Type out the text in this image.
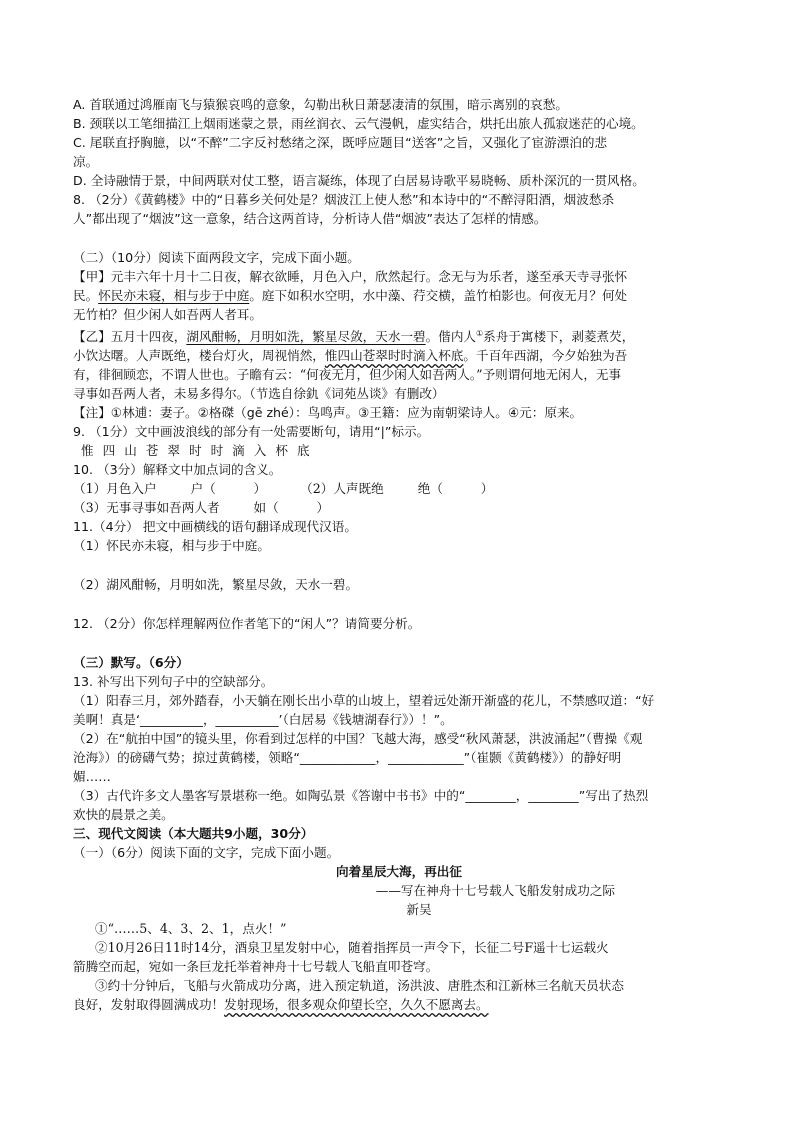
A. 首联通过鸿雁南飞与猿猴哀鸣的意象，勾勒出秋日萧瑟凄清的氛围，暗示离别的哀愁。
B. 颈联以工笔细描江上烟雨迷蒙之景，雨丝润衣、云气漫帆，虚实结合，烘托出旅人孤寂迷茫的心境。
C. 尾联直抒胸臆，以“不醉”二字反衬愁绪之深，既呼应题目“送客”之旨，又强化了宦游漂泊的悲
凉。
D. 全诗融情于景，中间两联对仗工整，语言凝练，体现了白居易诗歌平易晓畅、质朴深沉的一贯风格。
8. （2分）《黄鹤楼》中的“日暮乡关何处是？烟波江上使人愁”和本诗中的“不醉浔阳酒，烟波愁杀
人”都出现了“烟波”这一意象，结合这两首诗，分析诗人借“烟波”表达了怎样的情感。
（二）（10分）阅读下面两段文字，完成下面小题。
【甲】元丰六年十月十二日夜，解衣欲睡，月色入户，欣然起行。念无与为乐者，遂至承天寺寻张怀
民。怀民亦未寝，相与步于中庭。庭下如积水空明，水中藻、荇交横，盖竹柏影也。何夜无月？何处
无竹柏？但少闲人如吾两人者耳。
【乙】五月十四夜，湖风酣畅，月明如洗，繁星尽敛，天水一碧。偕内人①系舟于寓楼下，剥菱煮芡，
小饮达曙。人声既绝，楼台灯火，周视悄然，惟四山苍翠时时滴入杯底。千百年西湖，今夕始独为吾
有，徘徊顾恋，不谓人世也。子瞻有云：“何夜无月，但少闲人如吾两人。”予则谓何地无闲人，无事
寻事如吾两人者，未易多得尔。（节选自徐釚《词苑丛谈》有删改）
【注】①林逋：妻子。②格磔（gē zhé）：鸟鸣声。③王籍：应为南朝梁诗人。④元：原来。
9. （1分）文中画波浪线的部分有一处需要断句，请用“|”标示。
惟四山苍翠时时滴入杯底
10. （3分）解释文中加点词的含义。
（1）月色入户	户（　　　）	（2）人声既绝	绝（　　　）
（3）无事寻事如吾两人者	如（　　　）
11.（4分） 把文中画横线的语句翻译成现代汉语。
（1）怀民亦未寝，相与步于中庭。
（2）湖风酣畅，月明如洗，繁星尽敛，天水一碧。
12. （2分）你怎样理解两位作者笔下的“闲人”？请简要分析。
（三）默写。（6分）
13. 补写出下列句子中的空缺部分。
（1）阳春三月，郊外踏春，小天躺在刚长出小草的山坡上，望着远处渐开渐盛的花儿，不禁感叹道：“好
美啊！真是‘__________，__________’（白居易《钱塘湖春行》）！”。
（2）在“航拍中国”的镜头里，你看到过怎样的中国？飞越大海，感受“秋风萧瑟，洪波涌起”（曹操《观
沧海》）的磅礴气势；掠过黄鹤楼，领略“____________，____________”（崔颢《黄鹤楼》）的静好明
媚……
（3）古代许多文人墨客写景堪称一绝。如陶弘景《答谢中书书》中的“________，________”写出了热烈
欢快的晨景之美。
三、现代文阅读（本大题共9小题，30分）
（一）（6分）阅读下面的文字，完成下面小题。
向着星辰大海，再出征
——写在神舟十七号载人飞船发射成功之际
新吴
①“……5、4、3、2、1，点火！”
②10月26日11时14分，酒泉卫星发射中心，随着指挥员一声令下，长征二号F遥十七运载火
箭腾空而起，宛如一条巨龙托举着神舟十七号载人飞船直叩苍穹。
③约十分钟后，飞船与火箭成功分离，进入预定轨道，汤洪波、唐胜杰和江新林三名航天员状态
良好，发射取得圆满成功！发射现场，很多观众仰望长空，久久不愿离去。
